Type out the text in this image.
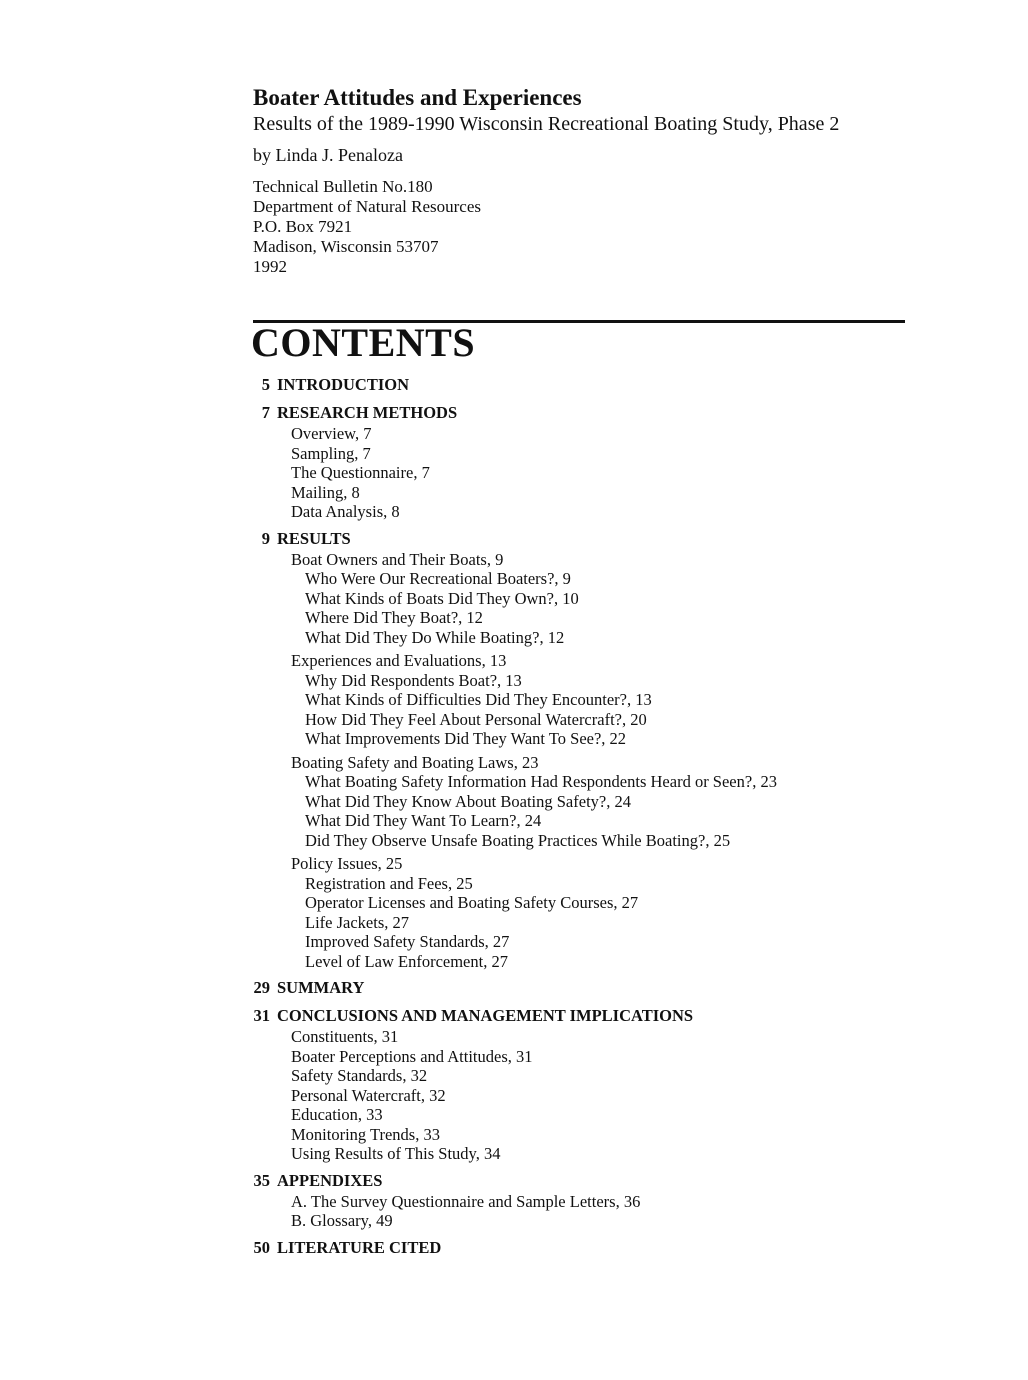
Boater Attitudes and Experiences

Results of the 1989-1990 Wisconsin Recreational Boating Study, Phase 2

by Linda J. Penaloza

Technical Bulletin No.180
Department of Natural Resources
P.O. Box 7921
Madison, Wisconsin 53707
1992
CONTENTS
5 INTRODUCTION
7 RESEARCH METHODS
Overview, 7
Sampling, 7
The Questionnaire, 7
Mailing, 8
Data Analysis, 8
9 RESULTS
Boat Owners and Their Boats, 9
Who Were Our Recreational Boaters?, 9
What Kinds of Boats Did They Own?, 10
Where Did They Boat?, 12
What Did They Do While Boating?, 12
Experiences and Evaluations, 13
Why Did Respondents Boat?, 13
What Kinds of Difficulties Did They Encounter?, 13
How Did They Feel About Personal Watercraft?, 20
What Improvements Did They Want To See?, 22
Boating Safety and Boating Laws, 23
What Boating Safety Information Had Respondents Heard or Seen?, 23
What Did They Know About Boating Safety?, 24
What Did They Want To Learn?, 24
Did They Observe Unsafe Boating Practices While Boating?, 25
Policy Issues, 25
Registration and Fees, 25
Operator Licenses and Boating Safety Courses, 27
Life Jackets, 27
Improved Safety Standards, 27
Level of Law Enforcement, 27
29 SUMMARY
31 CONCLUSIONS AND MANAGEMENT IMPLICATIONS
Constituents, 31
Boater Perceptions and Attitudes, 31
Safety Standards, 32
Personal Watercraft, 32
Education, 33
Monitoring Trends, 33
Using Results of This Study, 34
35 APPENDIXES
A. The Survey Questionnaire and Sample Letters, 36
B. Glossary, 49
50 LITERATURE CITED
